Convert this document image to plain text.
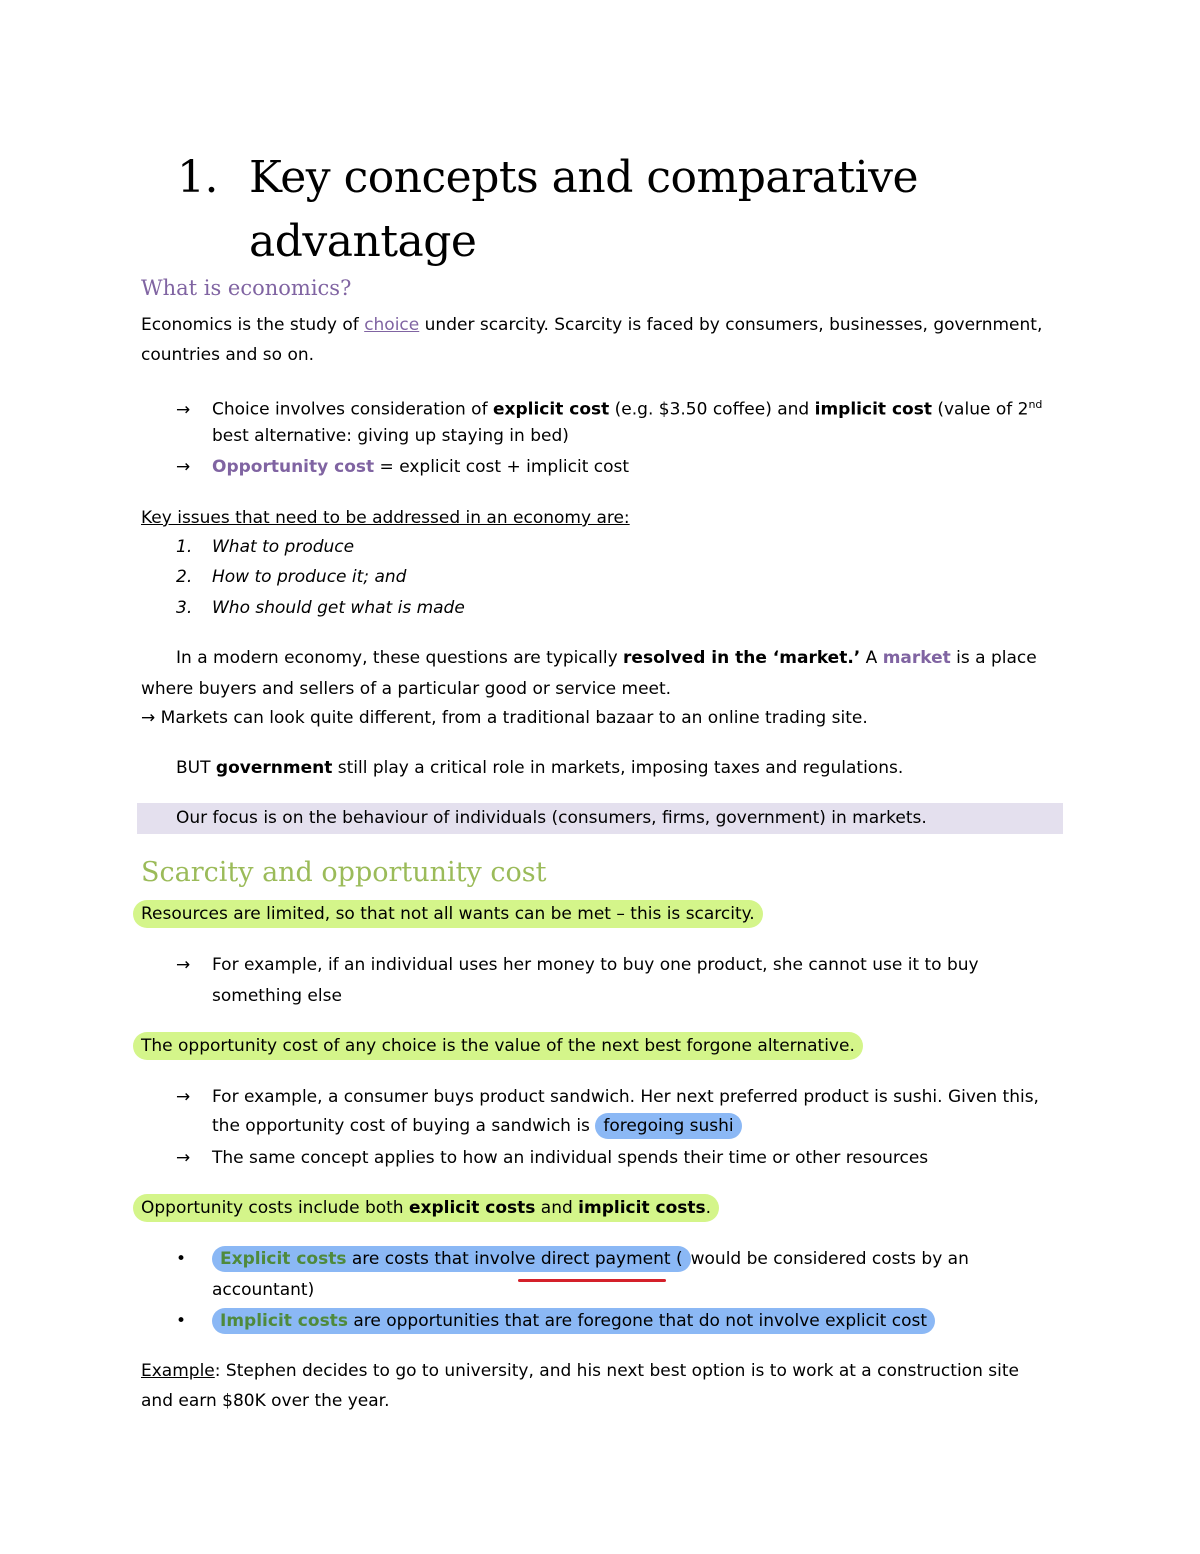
1. Key concepts and comparative
advantage
What is economics?
Economics is the study of choice under scarcity. Scarcity is faced by consumers, businesses, government,
countries and so on.
→ Choice involves consideration of explicit cost (e.g. $3.50 coffee) and implicit cost (value of 2nd
best alternative: giving up staying in bed)
→ Opportunity cost = explicit cost + implicit cost
Key issues that need to be addressed in an economy are:
1. What to produce
2. How to produce it; and
3. Who should get what is made
In a modern economy, these questions are typically resolved in the ‘market.’ A market is a place
where buyers and sellers of a particular good or service meet.
→ Markets can look quite different, from a traditional bazaar to an online trading site.
BUT government still play a critical role in markets, imposing taxes and regulations.
Our focus is on the behaviour of individuals (consumers, firms, government) in markets.
Scarcity and opportunity cost
Resources are limited, so that not all wants can be met – this is scarcity.
→ For example, if an individual uses her money to buy one product, she cannot use it to buy
something else
The opportunity cost of any choice is the value of the next best forgone alternative.
→ For example, a consumer buys product sandwich. Her next preferred product is sushi. Given this,
the opportunity cost of buying a sandwich is foregoing sushi
→ The same concept applies to how an individual spends their time or other resources
Opportunity costs include both explicit costs and implicit costs.
• Explicit costs are costs that involve direct payment ( would be considered costs by an
accountant)
• Implicit costs are opportunities that are foregone that do not involve explicit cost
Example: Stephen decides to go to university, and his next best option is to work at a construction site
and earn $80K over the year.
